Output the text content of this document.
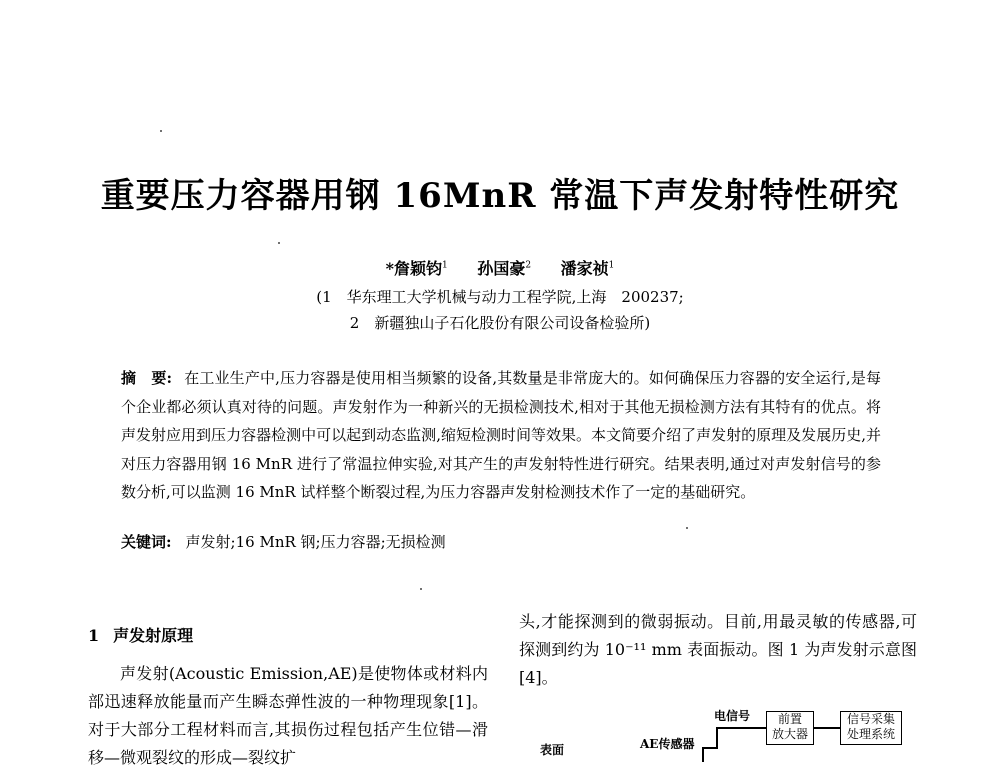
重要压力容器用钢 16MnR 常温下声发射特性研究
*詹颖钧$^1$ 孙国豪$^2$ 潘家祯$^1$
(1　华东理工大学机械与动力工程学院,上海　200237;
2　新疆独山子石化股份有限公司设备检验所)
摘　要: 在工业生产中,压力容器是使用相当频繁的设备,其数量是非常庞大的。如何确保压力容器的安全运行,是每个企业都必须认真对待的问题。声发射作为一种新兴的无损检测技术,相对于其他无损检测方法有其特有的优点。将声发射应用到压力容器检测中可以起到动态监测,缩短检测时间等效果。本文简要介绍了声发射的原理及发展历史,并对压力容器用钢 16 MnR 进行了常温拉伸实验,对其产生的声发射特性进行研究。结果表明,通过对声发射信号的参数分析,可以监测 16 MnR 试样整个断裂过程,为压力容器声发射检测技术作了一定的基础研究。
关键词: 声发射;16 MnR 钢;压力容器;无损检测
1 声发射原理
声发射(Acoustic Emission,AE)是使物体或材料内部迅速释放能量而产生瞬态弹性波的一种物理现象[1]。对于大部分工程材料而言,其损伤过程包括产生位错—滑移—微观裂纹的形成—裂纹扩
头,才能探测到的微弱振动。目前,用最灵敏的传感器,可探测到约为 10⁻¹¹ mm 表面振动。图 1 为声发射示意图[4]。
表面	AE传感器
电信号	前置
放大器
信号采集
处理系统
